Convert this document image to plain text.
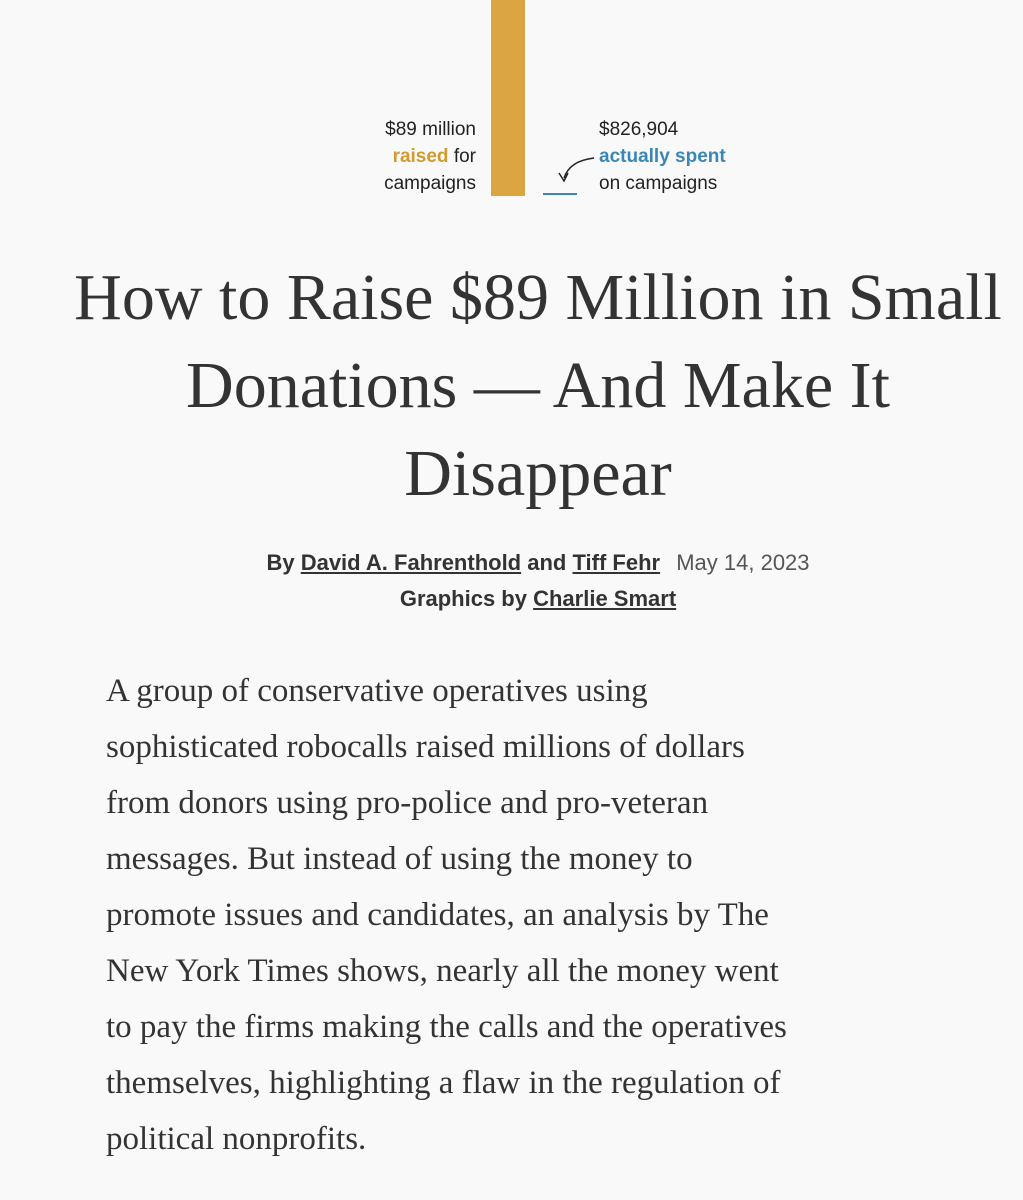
$89 million
raised for
campaigns
$826,904
actually spent
on campaigns
How to Raise $89 Million in Small
Donations — And Make It
Disappear
By David A. Fahrenthold and Tiff Fehr May 14, 2023
Graphics by Charlie Smart

A group of conservative operatives using
sophisticated robocalls raised millions of dollars
from donors using pro-police and pro-veteran
messages. But instead of using the money to
promote issues and candidates, an analysis by The
New York Times shows, nearly all the money went
to pay the firms making the calls and the operatives
themselves, highlighting a flaw in the regulation of
political nonprofits.
